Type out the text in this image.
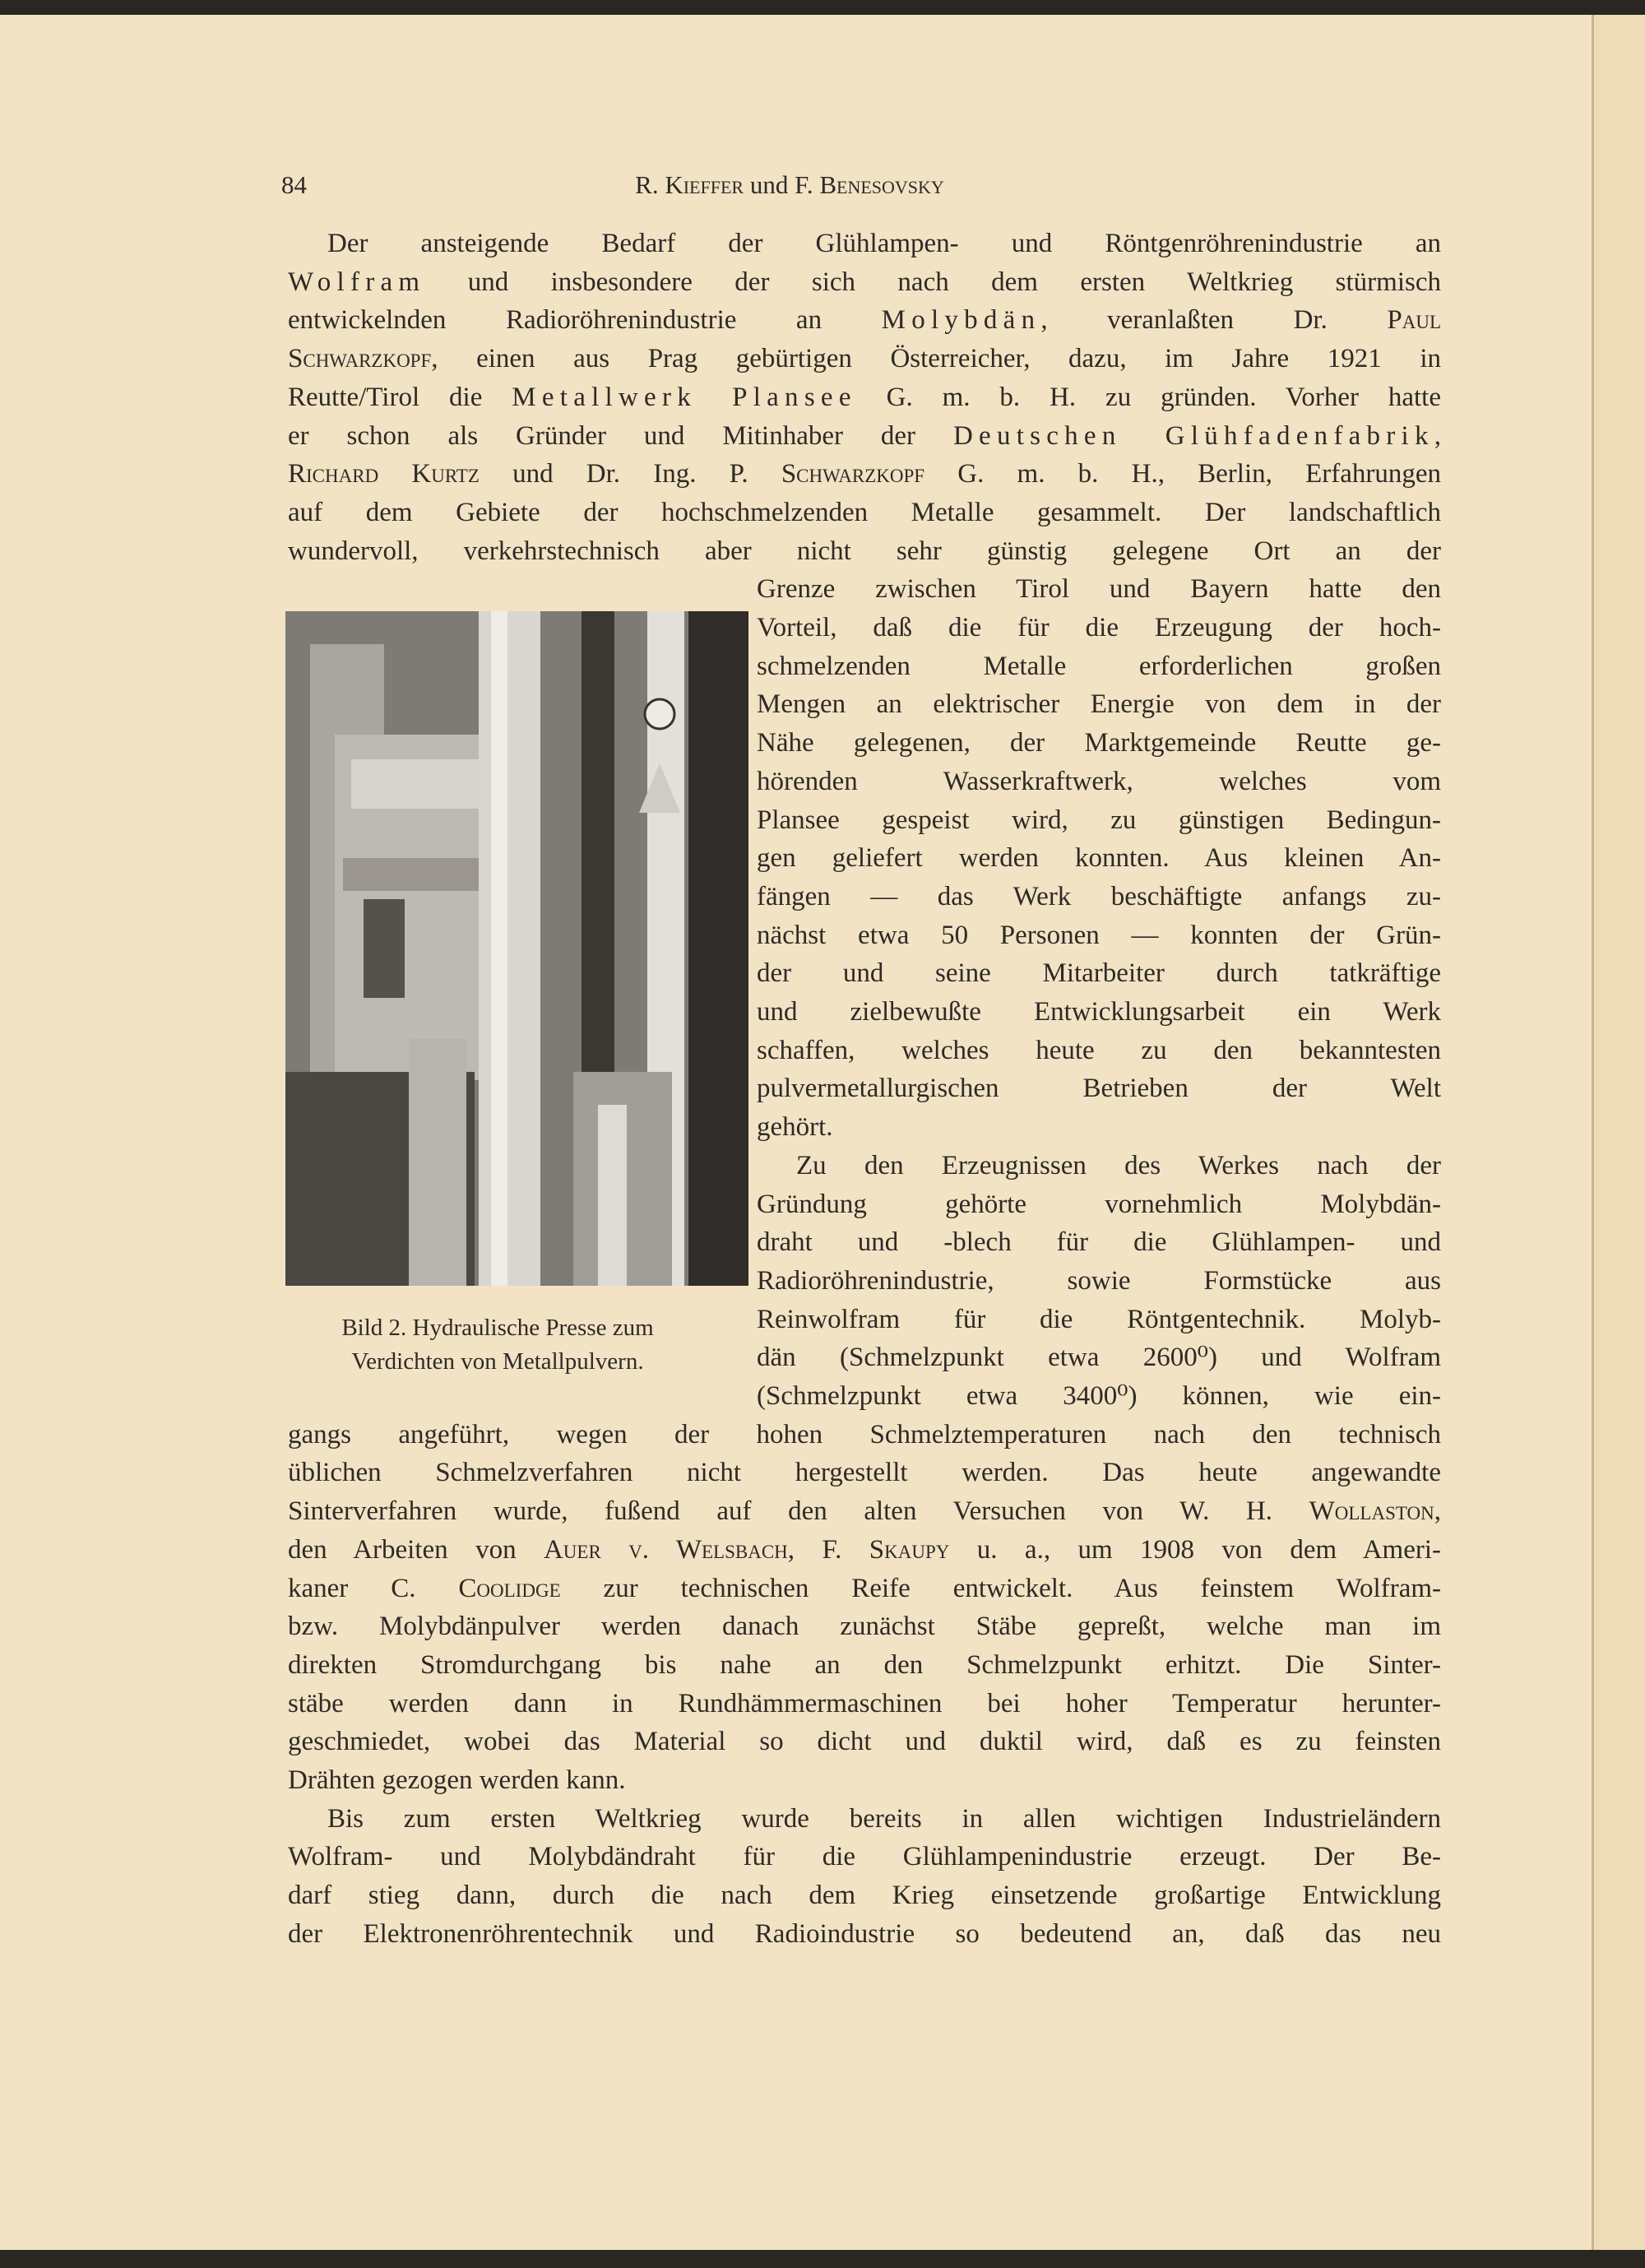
84	R. Kieffer und F. Benesovsky
Bild 2. Hydraulische Presse zum
Verdichten von Metallpulvern.
Der ansteigende Bedarf der Glühlampen- und Röntgenröhrenindustrie an
Wolfram und insbesondere der sich nach dem ersten Weltkrieg stürmisch
entwickelnden Radioröhrenindustrie an Molybdän, veranlaßten Dr. Paul
Schwarzkopf, einen aus Prag gebürtigen Österreicher, dazu, im Jahre 1921 in
Reutte/Tirol die Metallwerk Plansee G. m. b. H. zu gründen. Vorher hatte
er schon als Gründer und Mitinhaber der Deutschen Glühfadenfabrik,
Richard Kurtz und Dr. Ing. P. Schwarzkopf G. m. b. H., Berlin, Erfahrungen
auf dem Gebiete der hochschmelzenden Metalle gesammelt. Der landschaftlich
wundervoll, verkehrstechnisch aber nicht sehr günstig gelegene Ort an der
Grenze zwischen Tirol und Bayern hatte den
Vorteil, daß die für die Erzeugung der hoch-
schmelzenden Metalle erforderlichen großen
Mengen an elektrischer Energie von dem in der
Nähe gelegenen, der Marktgemeinde Reutte ge-
hörenden Wasserkraftwerk, welches vom
Plansee gespeist wird, zu günstigen Bedingun-
gen geliefert werden konnten. Aus kleinen An-
fängen — das Werk beschäftigte anfangs zu-
nächst etwa 50 Personen — konnten der Grün-
der und seine Mitarbeiter durch tatkräftige
und zielbewußte Entwicklungsarbeit ein Werk
schaffen, welches heute zu den bekanntesten
pulvermetallurgischen Betrieben der Welt
gehört.
Zu den Erzeugnissen des Werkes nach der
Gründung gehörte vornehmlich Molybdän-
draht und -blech für die Glühlampen- und
Radioröhrenindustrie, sowie Formstücke aus
Reinwolfram für die Röntgentechnik. Molyb-
dän (Schmelzpunkt etwa 2600⁰) und Wolfram
(Schmelzpunkt etwa 3400⁰) können, wie ein-
gangs angeführt, wegen der hohen Schmelztemperaturen nach den technisch
üblichen Schmelzverfahren nicht hergestellt werden. Das heute angewandte
Sinterverfahren wurde, fußend auf den alten Versuchen von W. H. Wollaston,
den Arbeiten von Auer v. Welsbach, F. Skaupy u. a., um 1908 von dem Ameri-
kaner C. Coolidge zur technischen Reife entwickelt. Aus feinstem Wolfram-
bzw. Molybdänpulver werden danach zunächst Stäbe gepreßt, welche man im
direkten Stromdurchgang bis nahe an den Schmelzpunkt erhitzt. Die Sinter-
stäbe werden dann in Rundhämmermaschinen bei hoher Temperatur herunter-
geschmiedet, wobei das Material so dicht und duktil wird, daß es zu feinsten
Drähten gezogen werden kann.
Bis zum ersten Weltkrieg wurde bereits in allen wichtigen Industrieländern
Wolfram- und Molybdändraht für die Glühlampenindustrie erzeugt. Der Be-
darf stieg dann, durch die nach dem Krieg einsetzende großartige Entwicklung
der Elektronenröhrentechnik und Radioindustrie so bedeutend an, daß das neu
